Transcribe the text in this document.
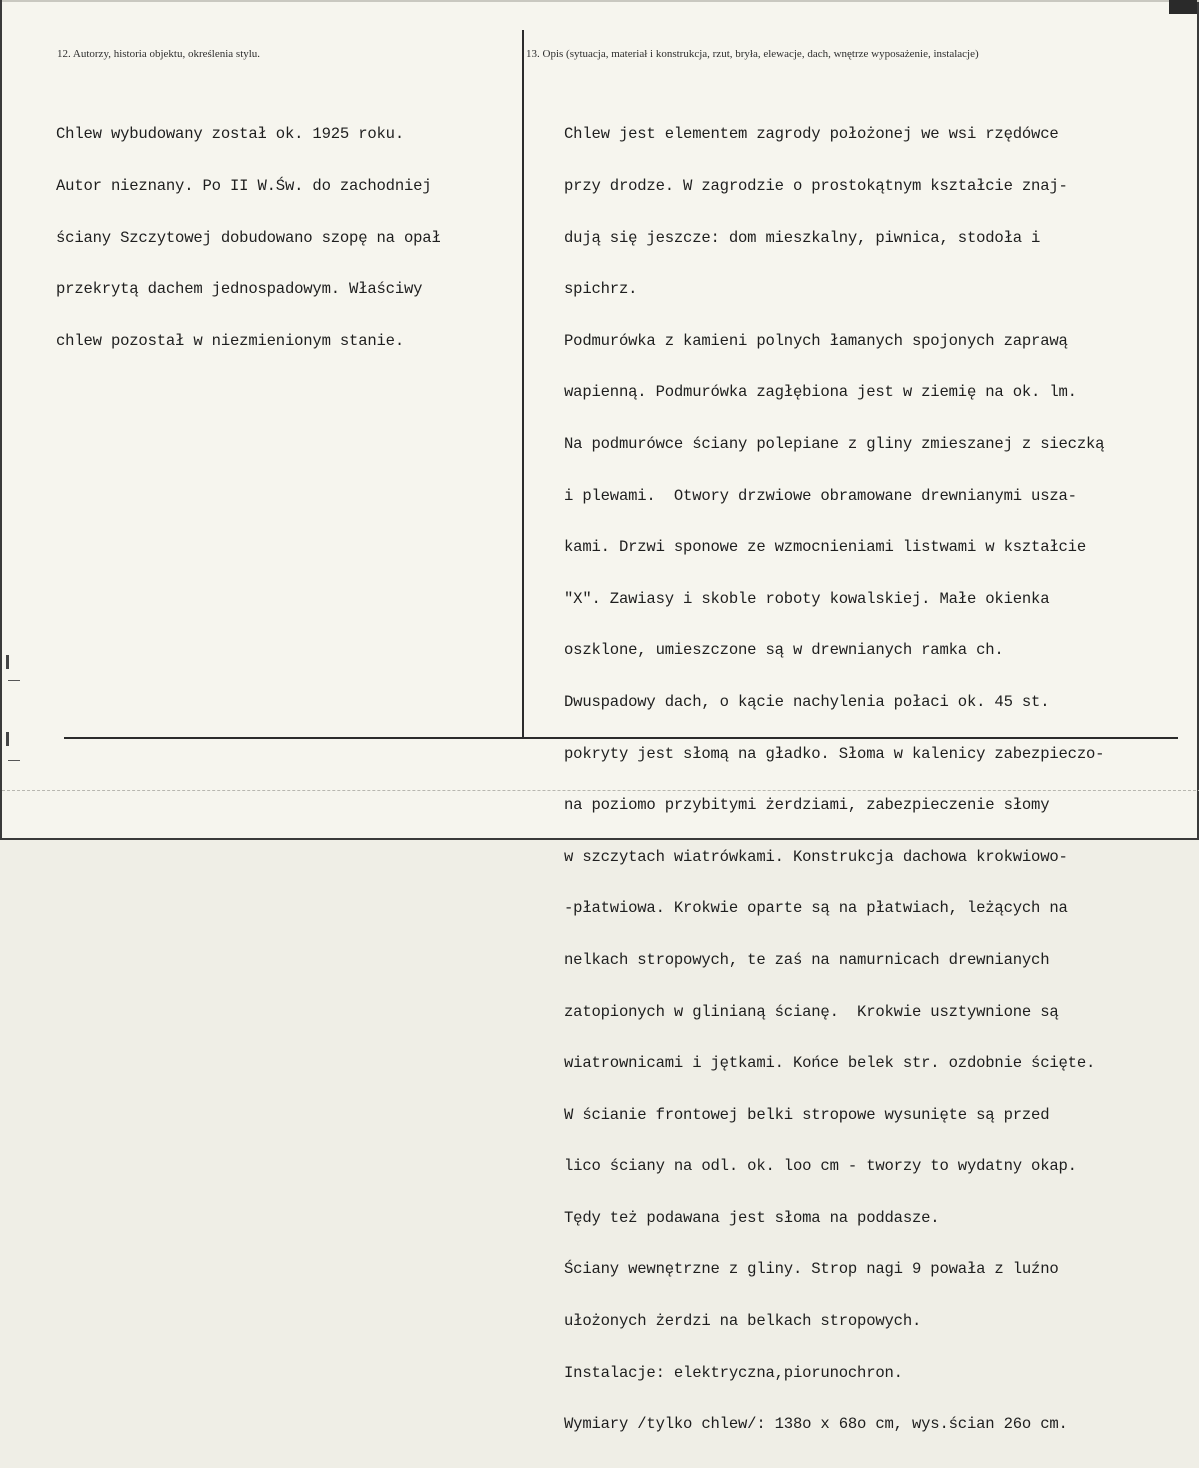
12. Autorzy, historia objektu, określenia stylu.	13. Opis (sytuacja, materiał i konstrukcja, rzut, bryła, elewacje, dach, wnętrze wyposażenie, instalacje)

Chlew wybudowany został ok. 1925 roku.

Autor nieznany. Po II W.Św. do zachodniej

ściany Szczytowej dobudowano szopę na opał

przekrytą dachem jednospadowym. Właściwy

chlew pozostał w niezmienionym stanie.

Chlew jest elementem zagrody położonej we wsi rzędówce

przy drodze. W zagrodzie o prostokątnym kształcie znaj-

dują się jeszcze: dom mieszkalny, piwnica, stodoła i

spichrz.

Podmurówka z kamieni polnych łamanych spojonych zaprawą

wapienną. Podmurówka zagłębiona jest w ziemię na ok. lm.

Na podmurówce ściany polepiane z gliny zmieszanej z sieczką

i plewami.  Otwory drzwiowe obramowane drewnianymi usza-

kami. Drzwi sponowe ze wzmocnieniami listwami w kształcie

"X". Zawiasy i skoble roboty kowalskiej. Małe okienka

oszklone, umieszczone są w drewnianych ramka ch.

Dwuspadowy dach, o kącie nachylenia połaci ok. 45 st.

pokryty jest słomą na gładko. Słoma w kalenicy zabezpieczo-

na poziomo przybitymi żerdziami, zabezpieczenie słomy

w szczytach wiatrówkami. Konstrukcja dachowa krokwiowo-

-płatwiowa. Krokwie oparte są na płatwiach, leżących na

nelkach stropowych, te zaś na namurnicach drewnianych

zatopionych w glinianą ścianę.  Krokwie usztywnione są

wiatrownicami i jętkami. Końce belek str. ozdobnie ścięte.

W ścianie frontowej belki stropowe wysunięte są przed

lico ściany na odl. ok. loo cm - tworzy to wydatny okap.

Tędy też podawana jest słoma na poddasze.

Ściany wewnętrzne z gliny. Strop nagi 9 powała z luźno

ułożonych żerdzi na belkach stropowych.

Instalacje: elektryczna,piorunochron.

Wymiary /tylko chlew/: 138o x 68o cm, wys.ścian 26o cm.
